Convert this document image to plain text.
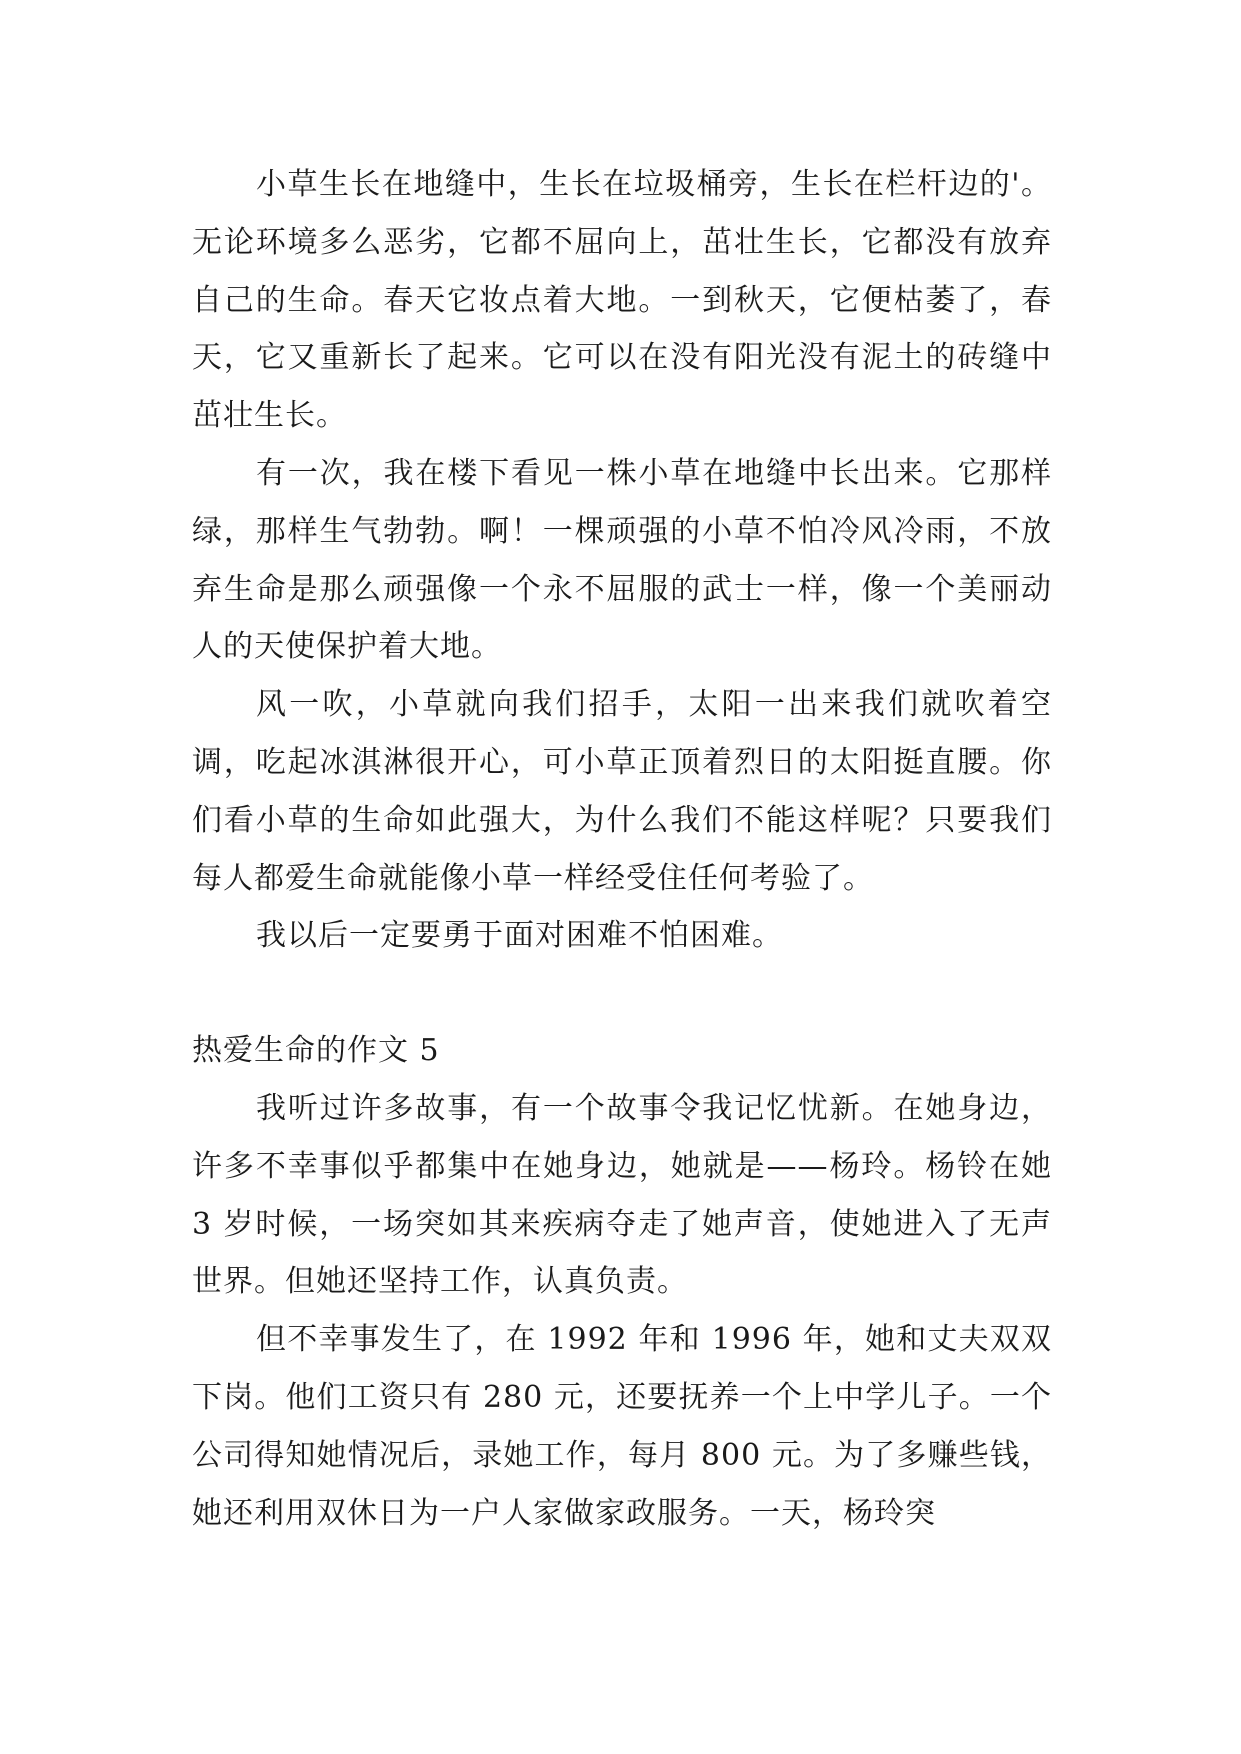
小草生长在地缝中，生长在垃圾桶旁，生长在栏杆边的'。无论环境多么恶劣，它都不屈向上，茁壮生长，它都没有放弃自己的生命。春天它妆点着大地。一到秋天，它便枯萎了，春天，它又重新长了起来。它可以在没有阳光没有泥土的砖缝中茁壮生长。

有一次，我在楼下看见一株小草在地缝中长出来。它那样绿，那样生气勃勃。啊！一棵顽强的小草不怕冷风冷雨，不放弃生命是那么顽强像一个永不屈服的武士一样，像一个美丽动人的天使保护着大地。

风一吹，小草就向我们招手，太阳一出来我们就吹着空调，吃起冰淇淋很开心，可小草正顶着烈日的太阳挺直腰。你们看小草的生命如此强大，为什么我们不能这样呢？只要我们每人都爱生命就能像小草一样经受住任何考验了。

我以后一定要勇于面对困难不怕困难。

热爱生命的作文 5

我听过许多故事，有一个故事令我记忆忧新。在她身边，许多不幸事似乎都集中在她身边，她就是——杨玲。杨铃在她 3 岁时候，一场突如其来疾病夺走了她声音，使她进入了无声世界。但她还坚持工作，认真负责。

但不幸事发生了，在 1992 年和 1996 年，她和丈夫双双下岗。他们工资只有 280 元，还要抚养一个上中学儿子。一个公司得知她情况后，录她工作，每月 800 元。为了多赚些钱，她还利用双休日为一户人家做家政服务。一天，杨玲突
